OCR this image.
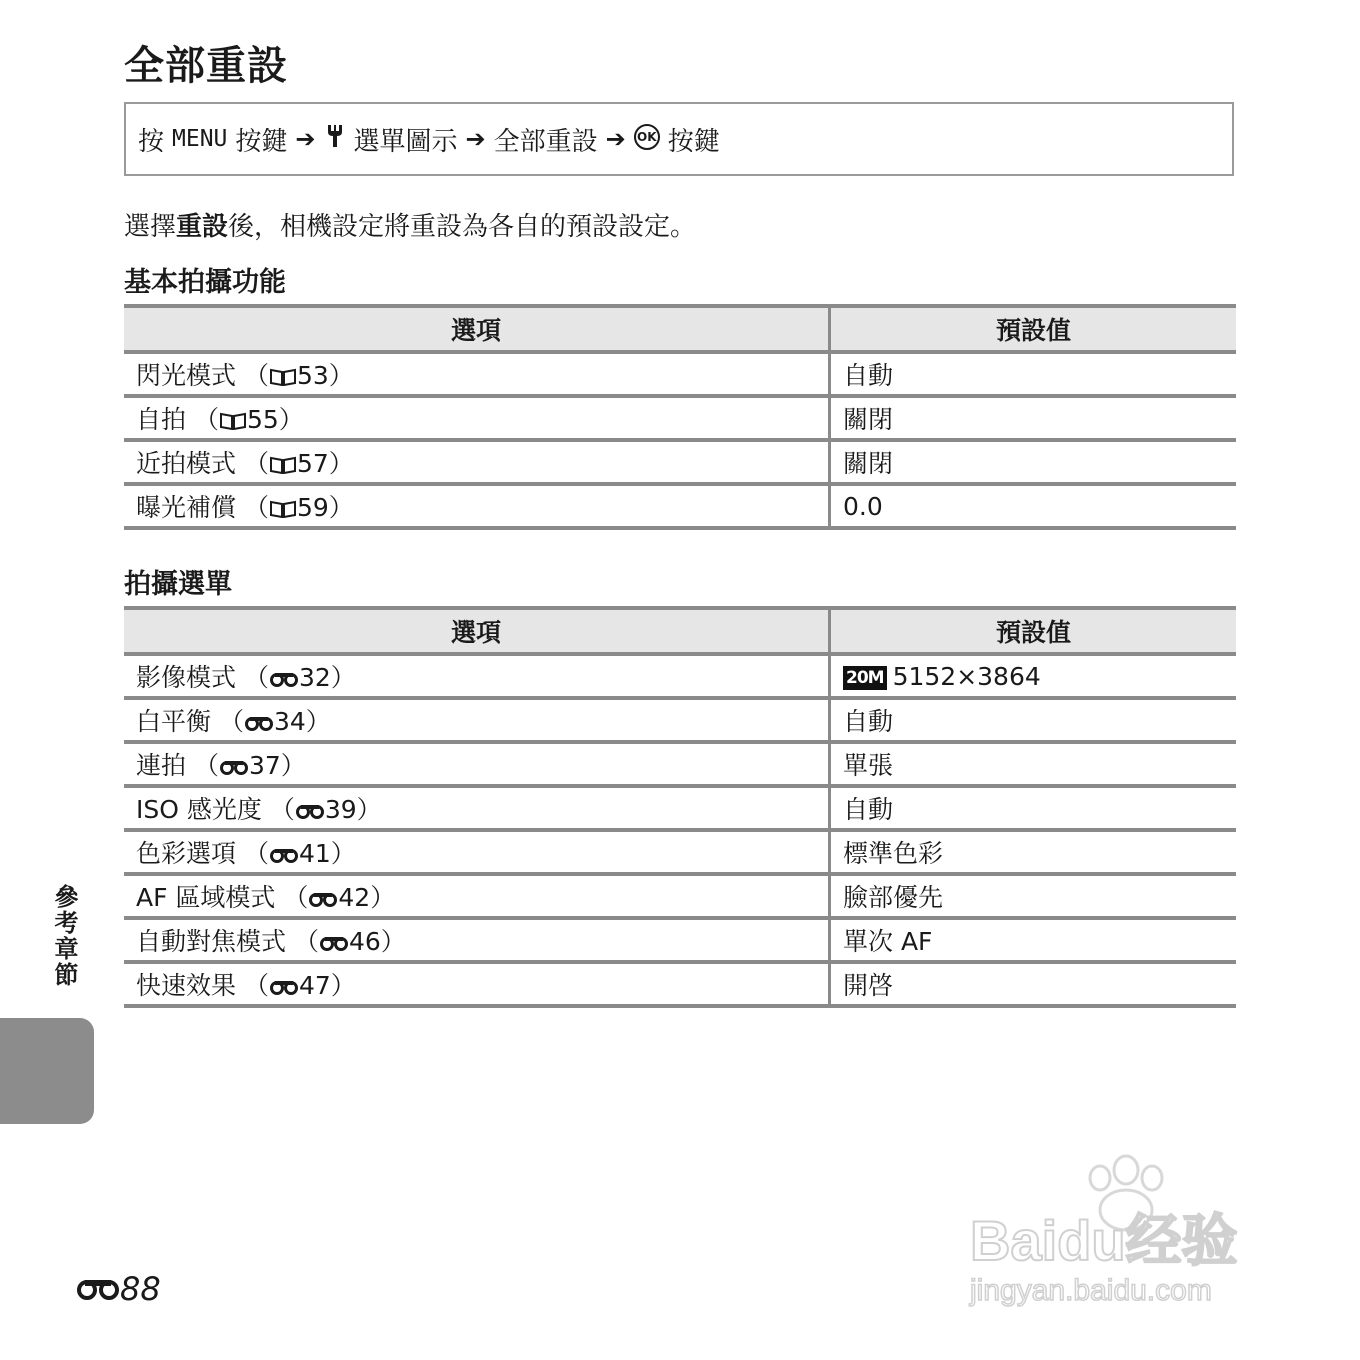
全部重設
按 MENU 按鍵 ➔ 選單圖示 ➔ 全部重設 ➔ OK 按鍵
選擇重設後，相機設定將重設為各自的預設設定。
基本拍攝功能
選項	預設值
閃光模式 （ 53）	自動
自拍 （ 55）	關閉
近拍模式 （ 57）	關閉
曝光補償 （ 59）	0.0
拍攝選單
選項	預設值
影像模式 （ 32）	20M 5152×3864
白平衡 （ 34）	自動
連拍 （ 37）	單張
ISO 感光度 （ 39）	自動
色彩選項 （ 41）	標準色彩
AF 區域模式 （ 42）	臉部優先
自動對焦模式 （ 46）	單次 AF
快速效果 （ 47）	開啓
參考章節
88
Baidu经验
jingyan.baidu.com
